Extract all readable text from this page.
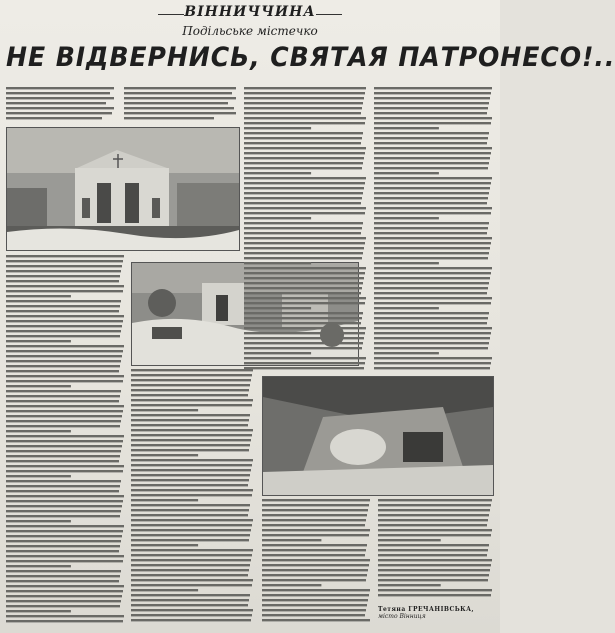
ВІННИЧЧИНА
Подільське містечко
НЕ ВІДВЕРНИСЬ, СВЯТАЯ ПАТРОНЕСО!..
Тетяна ГРЕЧАНІВСЬКА,
місто Вінниця
